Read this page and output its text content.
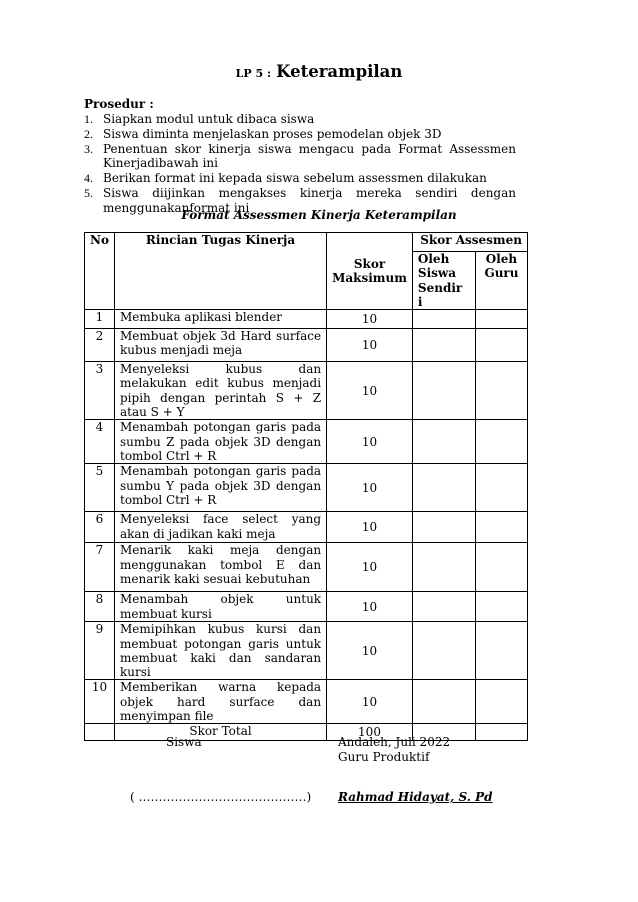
LP 5 : Keterampilan
Prosedur :
1. Siapkan modul untuk dibaca siswa
2. Siswa diminta menjelaskan proses pemodelan objek 3D
3. Penentuan skor kinerja siswa mengacu pada Format Assessmen Kinerjadibawah ini
4. Berikan format ini kepada siswa sebelum assessmen dilakukan
5. Siswa diijinkan mengakses kinerja mereka sendiri dengan menggunakanformat ini
Format Assessmen Kinerja Keterampilan
No	Rincian Tugas Kinerja	Skor Maksimum	Skor Assesmen	
			Oleh Siswa Sendir i	Oleh Guru
1	Membuka aplikasi blender	10		
2	Membuat objek 3d Hard surface kubus menjadi meja	10		
3	Menyeleksi kubus dan melakukan edit kubus menjadi pipih dengan perintah S + Z atau S + Y	10		
4	Menambah potongan garis pada sumbu Z pada objek 3D dengan tombol Ctrl + R	10		
5	Menambah potongan garis pada sumbu Y pada objek 3D dengan tombol Ctrl + R	10		
6	Menyeleksi face select yang akan di jadikan kaki meja	10		
7	Menarik kaki meja dengan menggunakan tombol E dan menarik kaki sesuai kebutuhan	10		
8	Menambah objek untuk membuat kursi	10		
9	Memipihkan kubus kursi dan membuat potongan garis untuk membuat kaki dan sandaran kursi	10		
10	Memberikan warna kepada objek hard surface dan menyimpan file	10		
	Skor Total	100		
Siswa	Andaleh, Juli 2022
Guru Produktif
( ……………………………………) Rahmad Hidayat, S. Pd
